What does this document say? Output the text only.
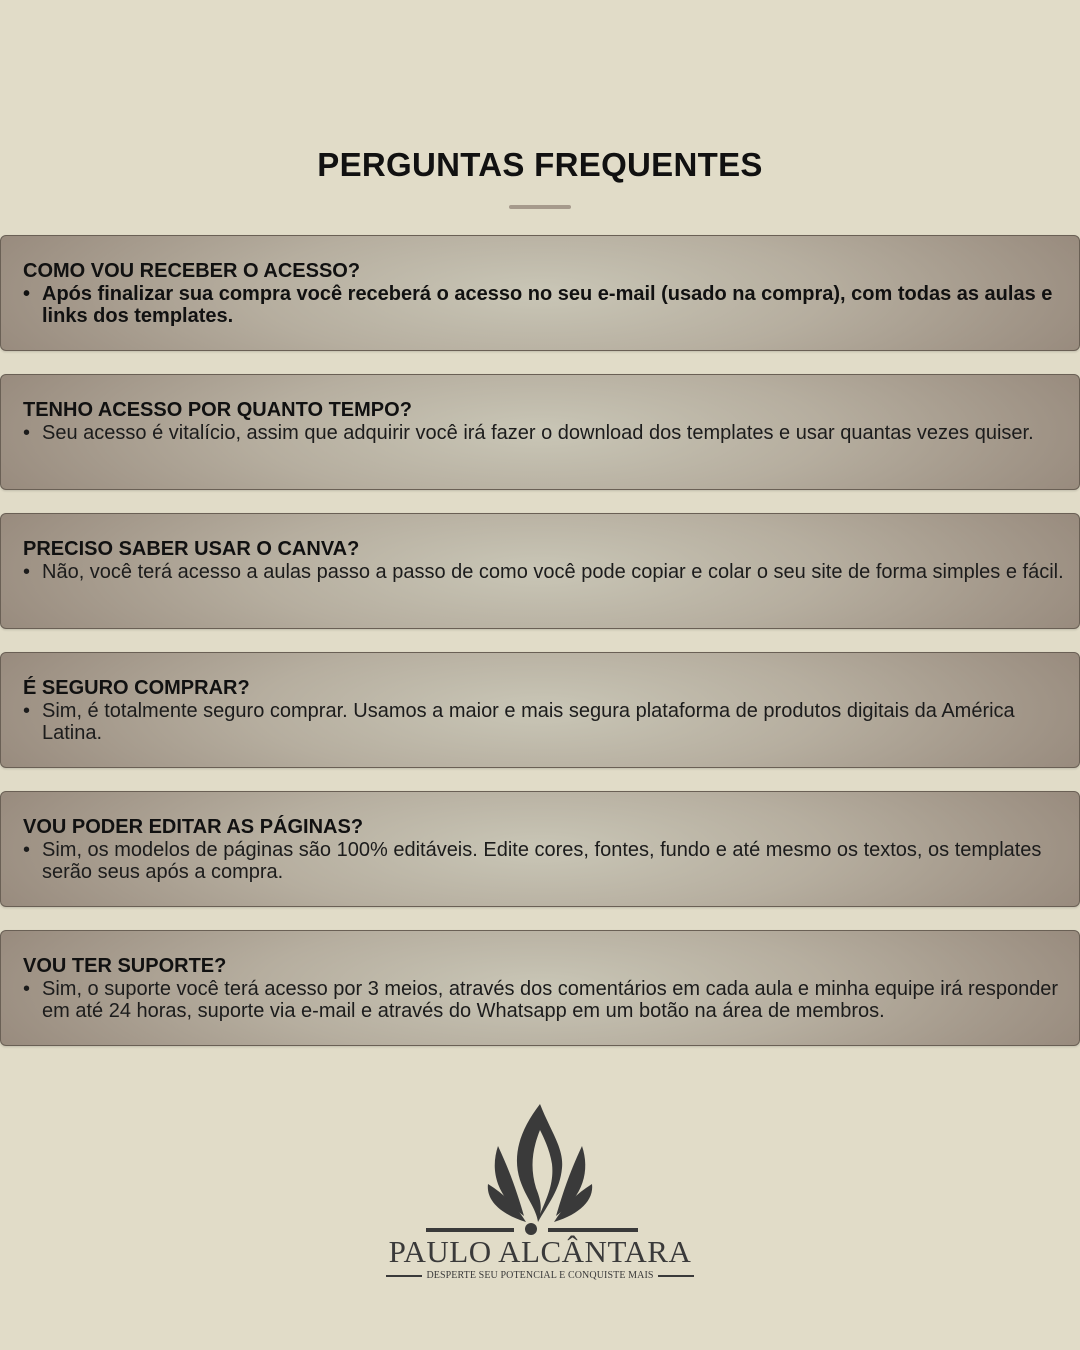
PERGUNTAS FREQUENTES
COMO VOU RECEBER O ACESSO?
• Após finalizar sua compra você receberá o acesso no seu e-mail (usado na compra), com todas as aulas e links dos templates.
TENHO ACESSO POR QUANTO TEMPO?
• Seu acesso é vitalício, assim que adquirir você irá fazer o download dos templates e usar quantas vezes quiser.
PRECISO SABER USAR O CANVA?
• Não, você terá acesso a aulas passo a passo de como você pode copiar e colar o seu site de forma simples e fácil.
É SEGURO COMPRAR?
• Sim, é totalmente seguro comprar. Usamos a maior e mais segura plataforma de produtos digitais da América Latina.
VOU PODER EDITAR AS PÁGINAS?
• Sim, os modelos de páginas são 100% editáveis. Edite cores, fontes, fundo e até mesmo os textos, os templates serão seus após a compra.
VOU TER SUPORTE?
• Sim, o suporte você terá acesso por 3 meios, através dos comentários em cada aula e minha equipe irá responder em até 24 horas, suporte via e-mail e através do Whatsapp em um botão na área de membros.
PAULO ALCÂNTARA
DESPERTE SEU POTENCIAL E CONQUISTE MAIS
